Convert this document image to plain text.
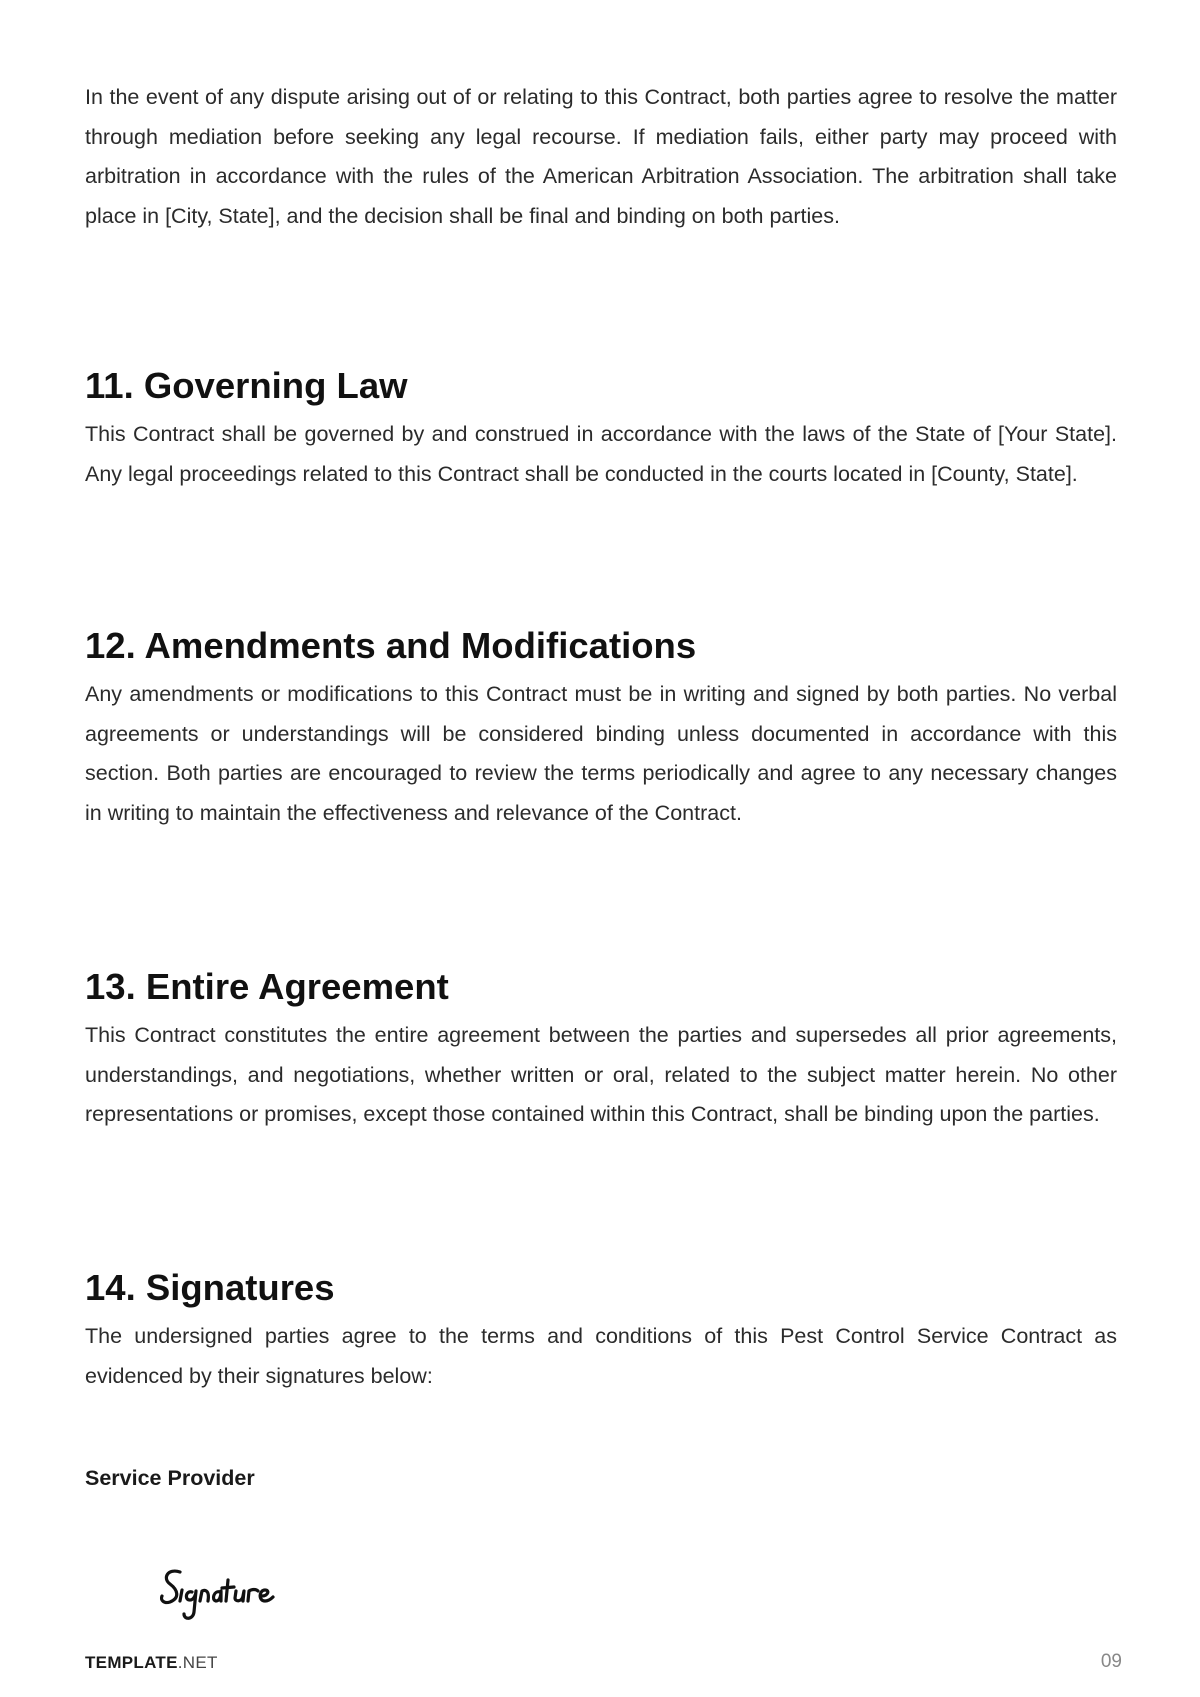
In the event of any dispute arising out of or relating to this Contract, both parties agree to resolve the matter through mediation before seeking any legal recourse. If mediation fails, either party may proceed with arbitration in accordance with the rules of the American Arbitration Association. The arbitration shall take place in [City, State], and the decision shall be final and binding on both parties.

11. Governing Law

This Contract shall be governed by and construed in accordance with the laws of the State of [Your State]. Any legal proceedings related to this Contract shall be conducted in the courts located in [County, State].

12. Amendments and Modifications

Any amendments or modifications to this Contract must be in writing and signed by both parties. No verbal agreements or understandings will be considered binding unless documented in accordance with this section. Both parties are encouraged to review the terms periodically and agree to any necessary changes in writing to maintain the effectiveness and relevance of the Contract.

13. Entire Agreement

This Contract constitutes the entire agreement between the parties and supersedes all prior agreements, understandings, and negotiations, whether written or oral, related to the subject matter herein. No other representations or promises, except those contained within this Contract, shall be binding upon the parties.

14. Signatures

The undersigned parties agree to the terms and conditions of this Pest Control Service Contract as evidenced by their signatures below:

Service Provider

TEMPLATE.NET	09
